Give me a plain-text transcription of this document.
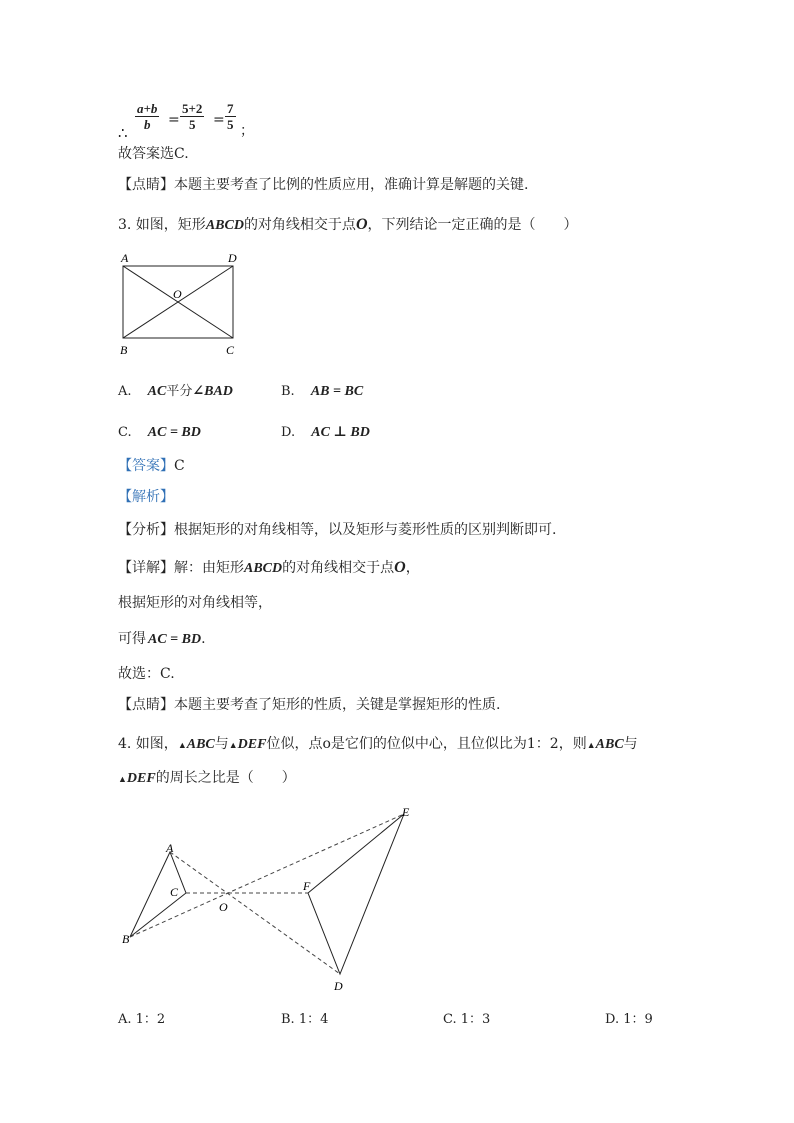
∴
$\frac{a+b}{b} = \frac{5+2}{5} = \frac{7}{5}$ ；
故答案选C.
【点睛】本题主要考查了比例的性质应用，准确计算是解题的关键.
3. 如图，矩形ABCD的对角线相交于点O，下列结论一定正确的是（　　）
A	D
O
B	C
A. AC平分∠BAD	B. AB = BC
C. AC = BD	D. AC ⊥ BD
【答案】C
【解析】
【分析】根据矩形的对角线相等，以及矩形与菱形性质的区别判断即可.
【详解】解：由矩形ABCD的对角线相交于点O，
根据矩形的对角线相等，
可得 AC = BD.
故选：C.
【点睛】本题主要考查了矩形的性质，关键是掌握矩形的性质.
4. 如图，▲ABC与▲DEF位似，点o是它们的位似中心，且位似比为1：2，则▲ABC与
▲DEF的周长之比是（　　）
A
B
C
O
F
E
D
A. 1：2	B. 1：4	C. 1：3	D. 1：9
